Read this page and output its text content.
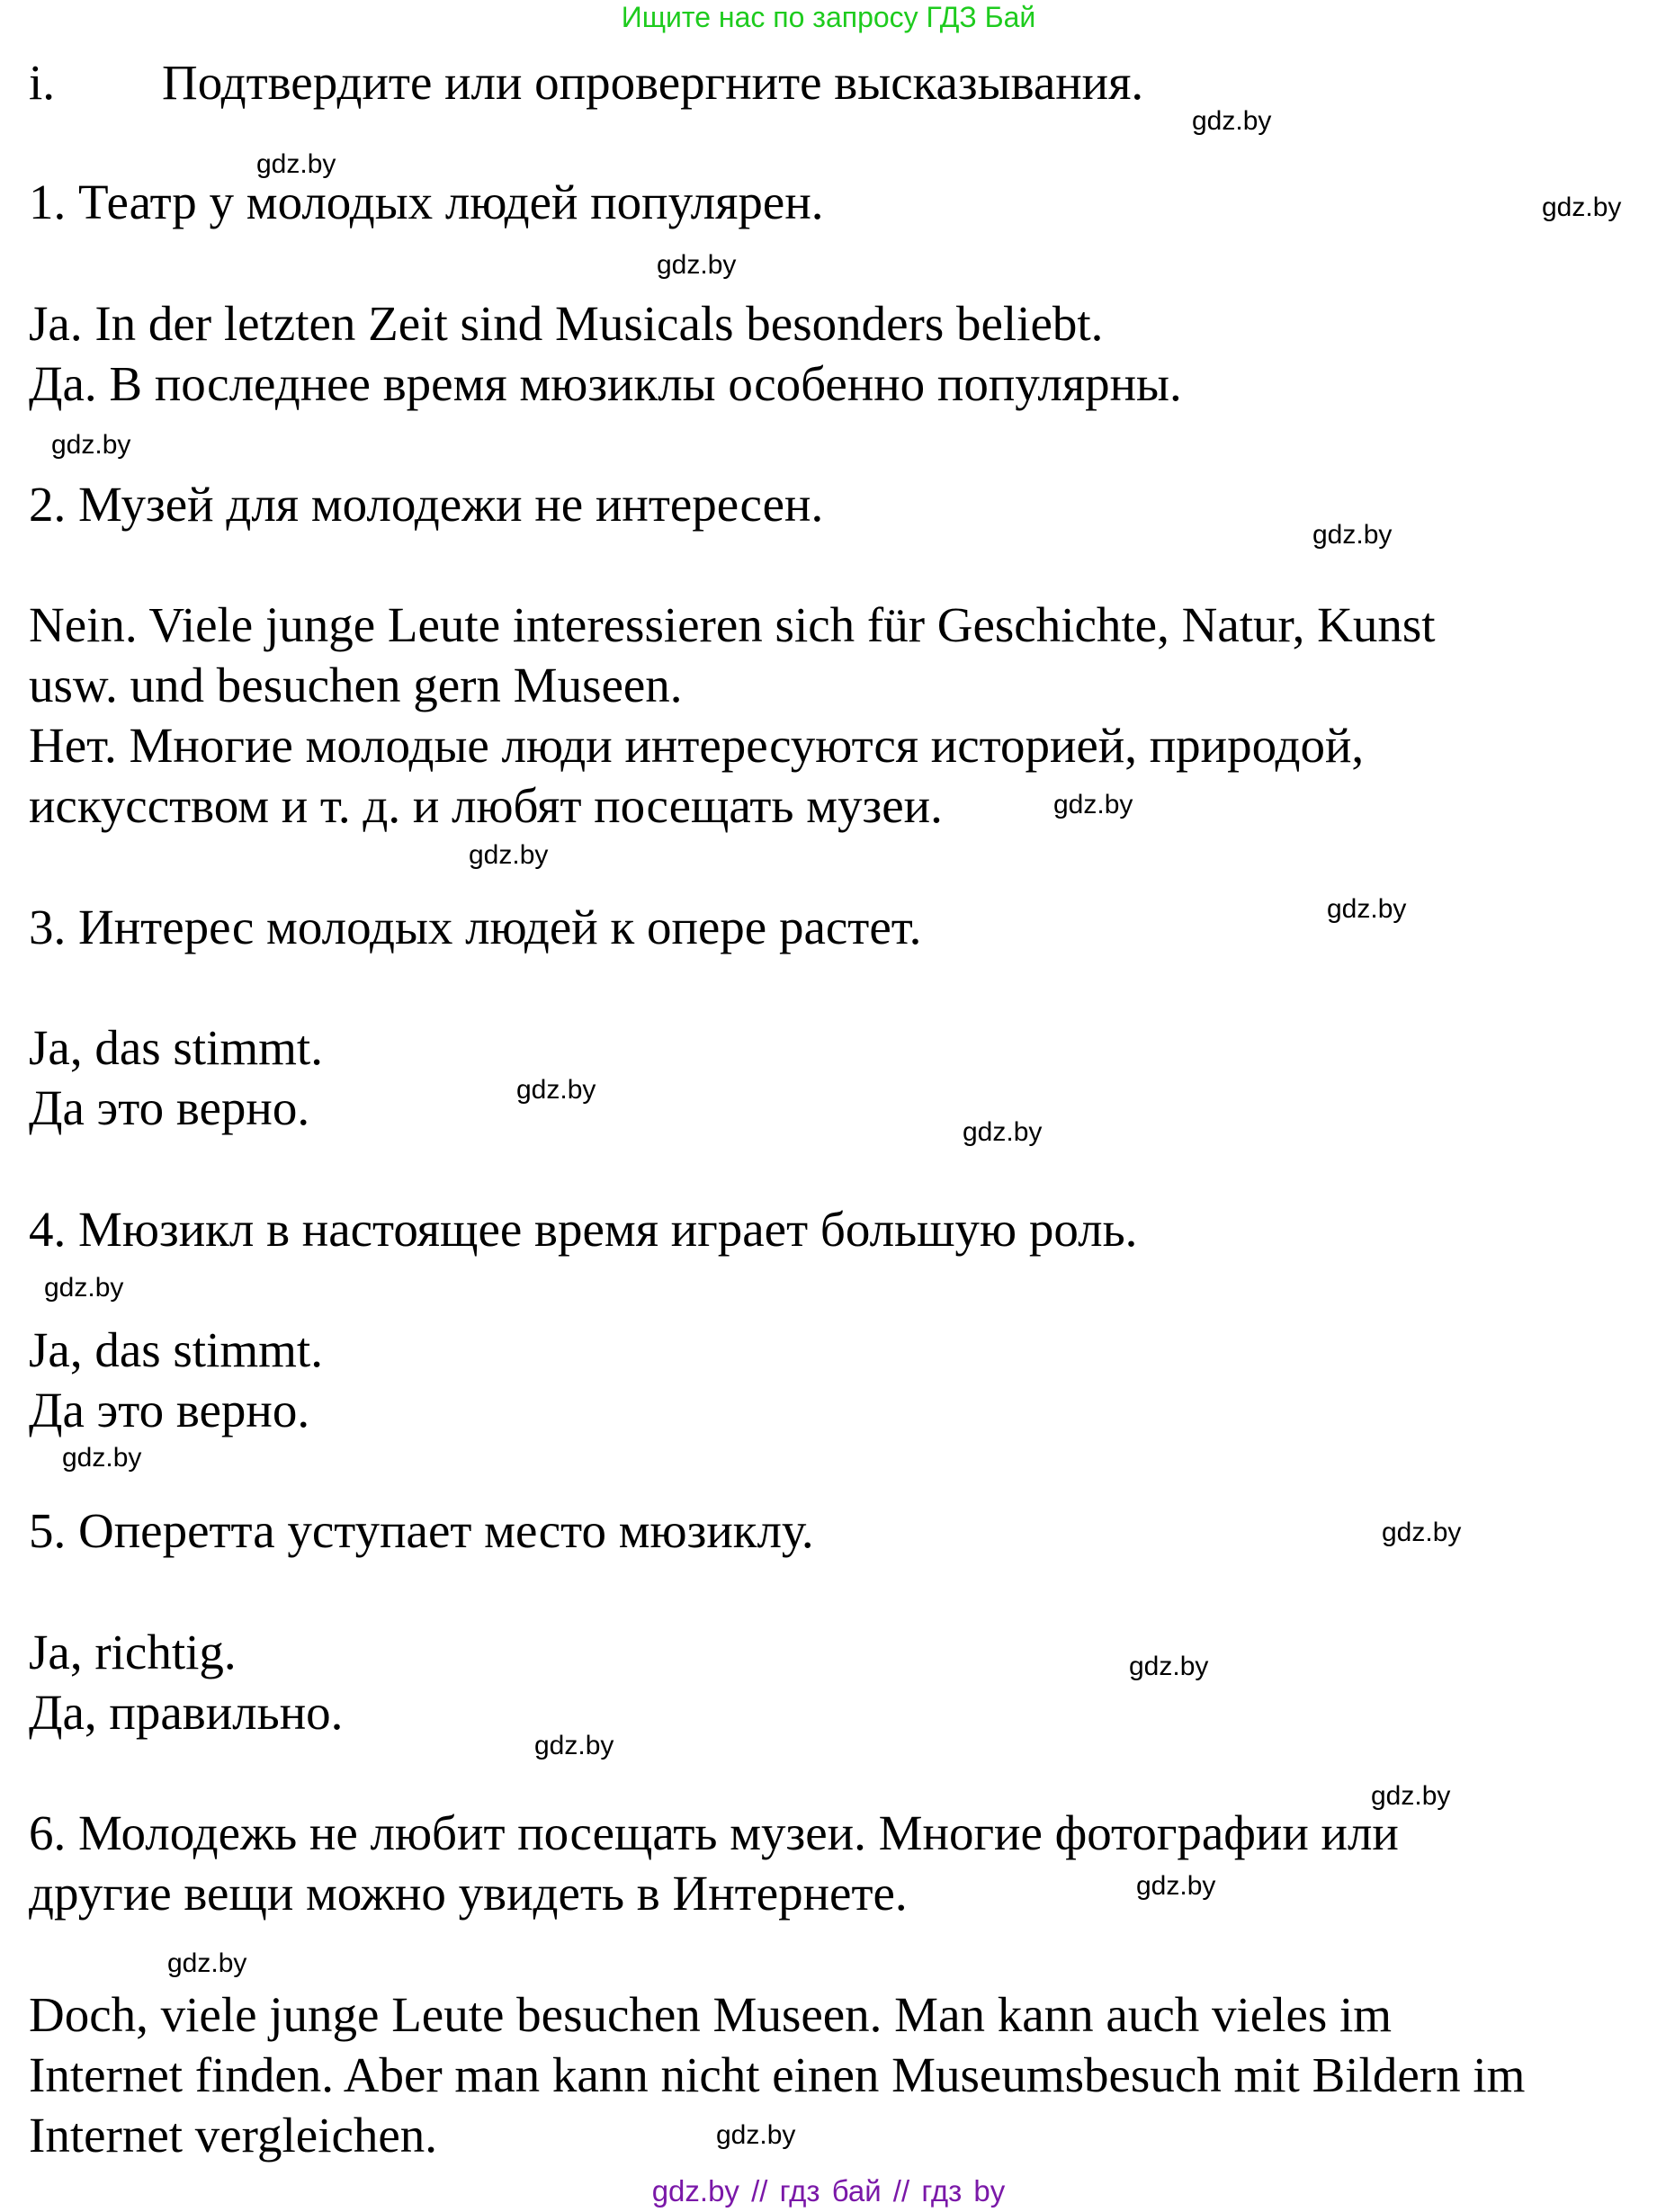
Ищите нас по запросу ГДЗ Бай
i. Подтвердите или опровергните высказывания.
1. Театр у молодых людей популярен.
Ja. In der letzten Zeit sind Musicals besonders beliebt.
Да. В последнее время мюзиклы особенно популярны.
2. Музей для молодежи не интересен.
Nein. Viele junge Leute interessieren sich für Geschichte, Natur, Kunst
usw. und besuchen gern Museen.
Нет. Многие молодые люди интересуются историей, природой,
искусством и т. д. и любят посещать музеи.
3. Интерес молодых людей к опере растет.
Ja, das stimmt.
Да это верно.
4. Мюзикл в настоящее время играет большую роль.
Ja, das stimmt.
Да это верно.
5. Оперетта уступает место мюзиклу.
Ja, richtig.
Да, правильно.
6. Молодежь не любит посещать музеи. Многие фотографии или
другие вещи можно увидеть в Интернете.
Doch, viele junge Leute besuchen Museen. Man kann auch vieles im
Internet finden. Aber man kann nicht einen Museumsbesuch mit Bildern im
Internet vergleichen.
gdz.by
gdz.by
gdz.by
gdz.by
gdz.by
gdz.by
gdz.by
gdz.by
gdz.by
gdz.by
gdz.by
gdz.by
gdz.by
gdz.by
gdz.by
gdz.by
gdz.by
gdz.by
gdz.by
gdz.by
gdz.by // гдз бай // гдз by
